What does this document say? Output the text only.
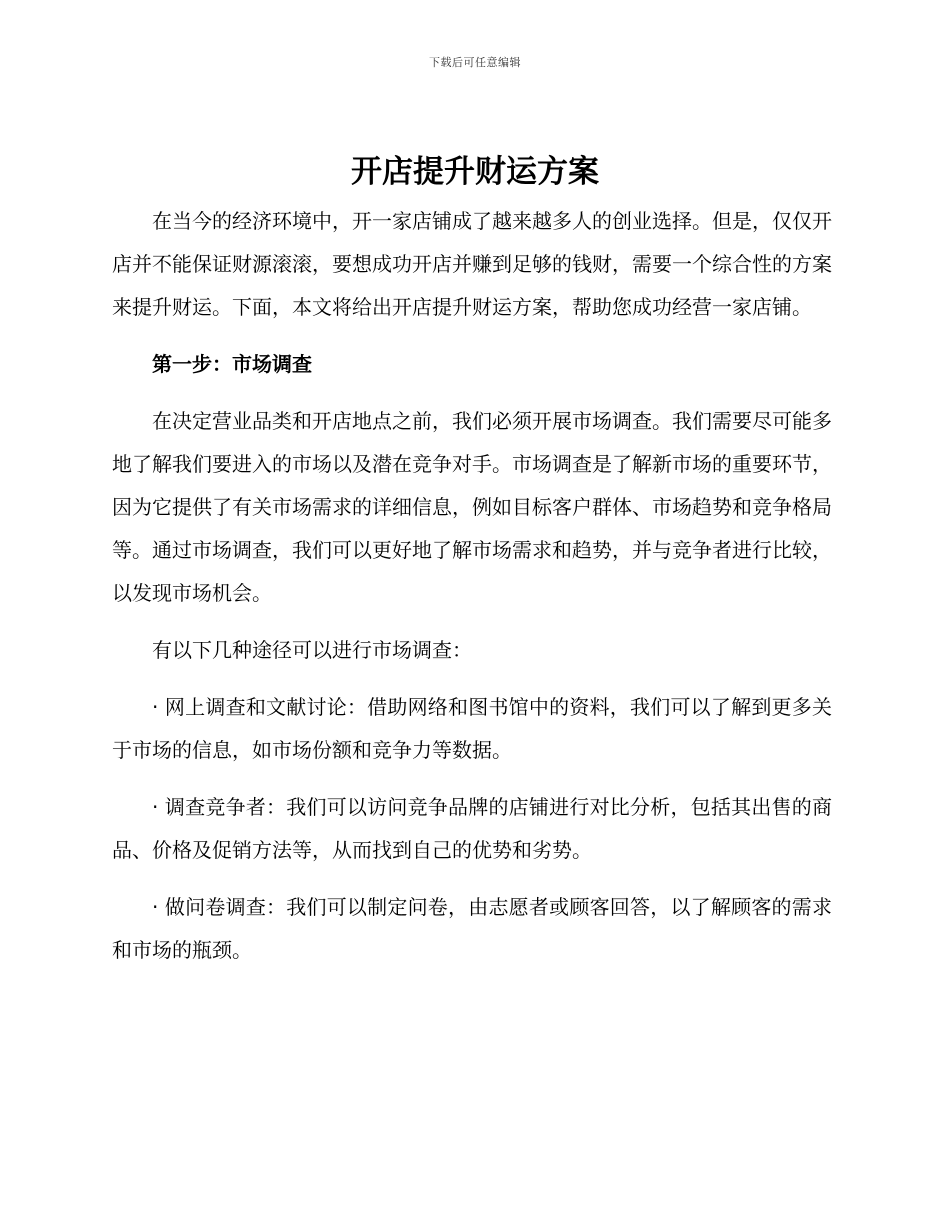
下载后可任意编辑
开店提升财运方案

在当今的经济环境中，开一家店铺成了越来越多人的创业选择。但是，仅仅开店并不能保证财源滚滚，要想成功开店并赚到足够的钱财，需要一个综合性的方案来提升财运。下面，本文将给出开店提升财运方案，帮助您成功经营一家店铺。

第一步：市场调查

在决定营业品类和开店地点之前，我们必须开展市场调查。我们需要尽可能多地了解我们要进入的市场以及潜在竞争对手。市场调查是了解新市场的重要环节，因为它提供了有关市场需求的详细信息，例如目标客户群体、市场趋势和竞争格局等。通过市场调查，我们可以更好地了解市场需求和趋势，并与竞争者进行比较，以发现市场机会。

有以下几种途径可以进行市场调查：

· 网上调查和文献讨论：借助网络和图书馆中的资料，我们可以了解到更多关于市场的信息，如市场份额和竞争力等数据。

· 调查竞争者：我们可以访问竞争品牌的店铺进行对比分析，包括其出售的商品、价格及促销方法等，从而找到自己的优势和劣势。

· 做问卷调查：我们可以制定问卷，由志愿者或顾客回答，以了解顾客的需求和市场的瓶颈。
